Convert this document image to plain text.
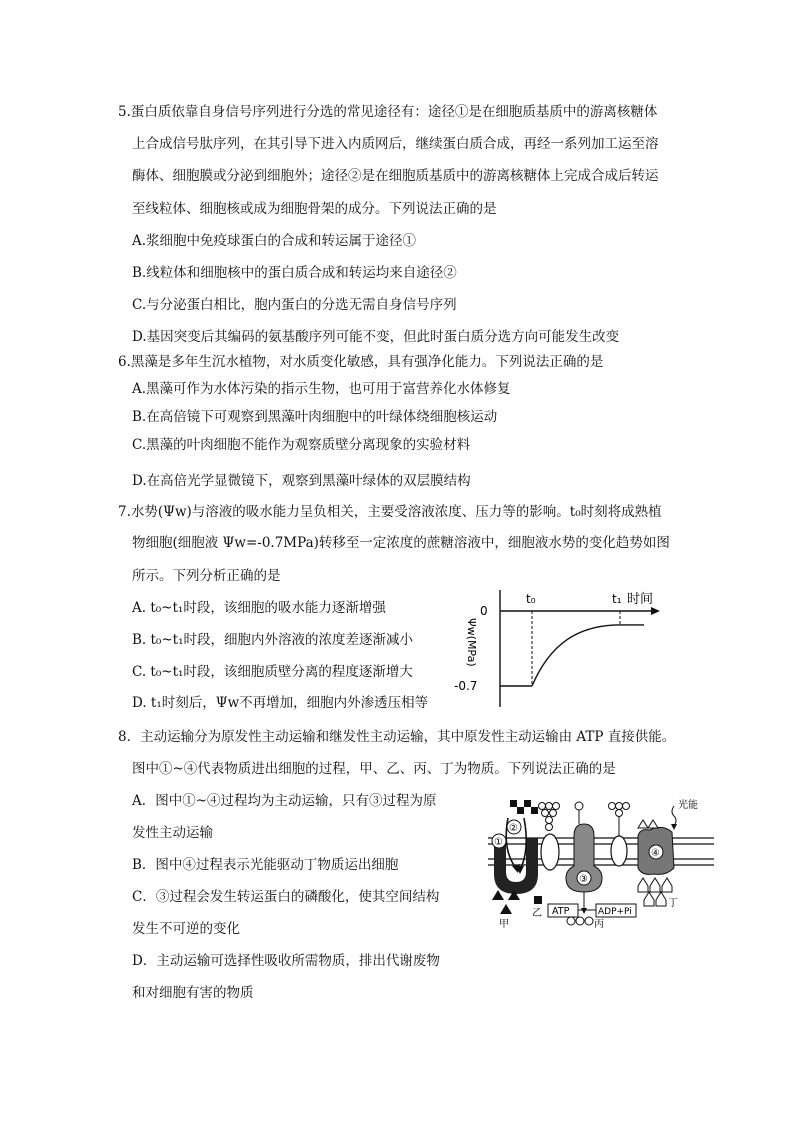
5.蛋白质依靠自身信号序列进行分选的常见途径有：途径①是在细胞质基质中的游离核糖体
上合成信号肽序列，在其引导下进入内质网后，继续蛋白质合成，再经一系列加工运至溶
酶体、细胞膜或分泌到细胞外；途径②是在细胞质基质中的游离核糖体上完成合成后转运
至线粒体、细胞核或成为细胞骨架的成分。下列说法正确的是
A.浆细胞中免疫球蛋白的合成和转运属于途径①
B.线粒体和细胞核中的蛋白质合成和转运均来自途径②
C.与分泌蛋白相比，胞内蛋白的分选无需自身信号序列
D.基因突变后其编码的氨基酸序列可能不变，但此时蛋白质分选方向可能发生改变
6.黑藻是多年生沉水植物，对水质变化敏感，具有强净化能力。下列说法正确的是
A.黑藻可作为水体污染的指示生物，也可用于富营养化水体修复
B.在高倍镜下可观察到黑藻叶肉细胞中的叶绿体绕细胞核运动
C.黑藻的叶肉细胞不能作为观察质壁分离现象的实验材料
D.在高倍光学显微镜下，观察到黑藻叶绿体的双层膜结构
7.水势(Ψw)与溶液的吸水能力呈负相关，主要受溶液浓度、压力等的影响。t₀时刻将成熟植
物细胞(细胞液 Ψw=-0.7MPa)转移至一定浓度的蔗糖溶液中，细胞液水势的变化趋势如图
所示。下列分析正确的是
A. t₀~t₁时段，该细胞的吸水能力逐渐增强
B. t₀~t₁时段，细胞内外溶液的浓度差逐渐减小
C. t₀~t₁时段，该细胞质壁分离的程度逐渐增大
D. t₁时刻后，Ψw不再增加，细胞内外渗透压相等
0
-0.7
t₀	t₁ 时间
Ψw(MPa)
8．主动运输分为原发性主动运输和继发性主动运输，其中原发性主动运输由 ATP 直接供能。
图中①~④代表物质进出细胞的过程，甲、乙、丙、丁为物质。下列说法正确的是
A．图中①~④过程均为主动运输，只有③过程为原
发性主动运输
B．图中④过程表示光能驱动丁物质运出细胞
C．③过程会发生转运蛋白的磷酸化，使其空间结构
发生不可逆的变化
D．主动运输可选择性吸收所需物质，排出代谢废物
和对细胞有害的物质
①
②
乙
甲
③
ATP	ADP+Pi
丙
④
光能
丁
